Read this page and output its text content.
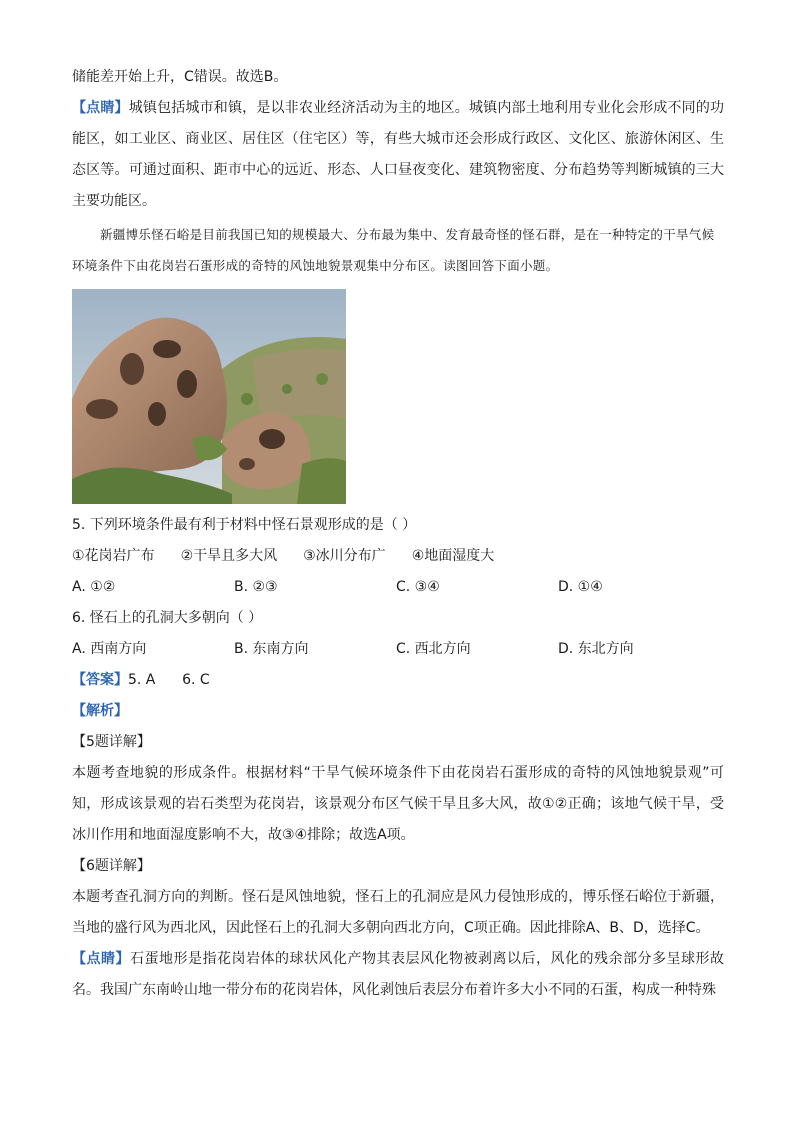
储能差开始上升，C错误。故选B。
【点睛】城镇包括城市和镇，是以非农业经济活动为主的地区。城镇内部土地利用专业化会形成不同的功能区，如工业区、商业区、居住区（住宅区）等，有些大城市还会形成行政区、文化区、旅游休闲区、生态区等。可通过面积、距市中心的远近、形态、人口昼夜变化、建筑物密度、分布趋势等判断城镇的三大主要功能区。
新疆博乐怪石峪是目前我国已知的规模最大、分布最为集中、发育最奇怪的怪石群，是在一种特定的干旱气候环境条件下由花岗岩石蛋形成的奇特的风蚀地貌景观集中分布区。读图回答下面小题。
5. 下列环境条件最有利于材料中怪石景观形成的是（ ）
①花岗岩广布 ②干旱且多大风 ③冰川分布广 ④地面湿度大
A. ①②	B. ②③	C. ③④	D. ①④
6. 怪石上的孔洞大多朝向（ ）
A. 西南方向	B. 东南方向	C. 西北方向	D. 东北方向
【答案】5. A      6. C
【解析】
【5题详解】
本题考查地貌的形成条件。根据材料“干旱气候环境条件下由花岗岩石蛋形成的奇特的风蚀地貌景观”可知，形成该景观的岩石类型为花岗岩，该景观分布区气候干旱且多大风，故①②正确；该地气候干旱，受冰川作用和地面湿度影响不大，故③④排除；故选A项。
【6题详解】
本题考查孔洞方向的判断。怪石是风蚀地貌，怪石上的孔洞应是风力侵蚀形成的，博乐怪石峪位于新疆，当地的盛行风为西北风，因此怪石上的孔洞大多朝向西北方向，C项正确。因此排除A、B、D，选择C。
【点睛】石蛋地形是指花岗岩体的球状风化产物其表层风化物被剥离以后，风化的残余部分多呈球形故名。我国广东南岭山地一带分布的花岗岩体，风化剥蚀后表层分布着许多大小不同的石蛋，构成一种特殊
